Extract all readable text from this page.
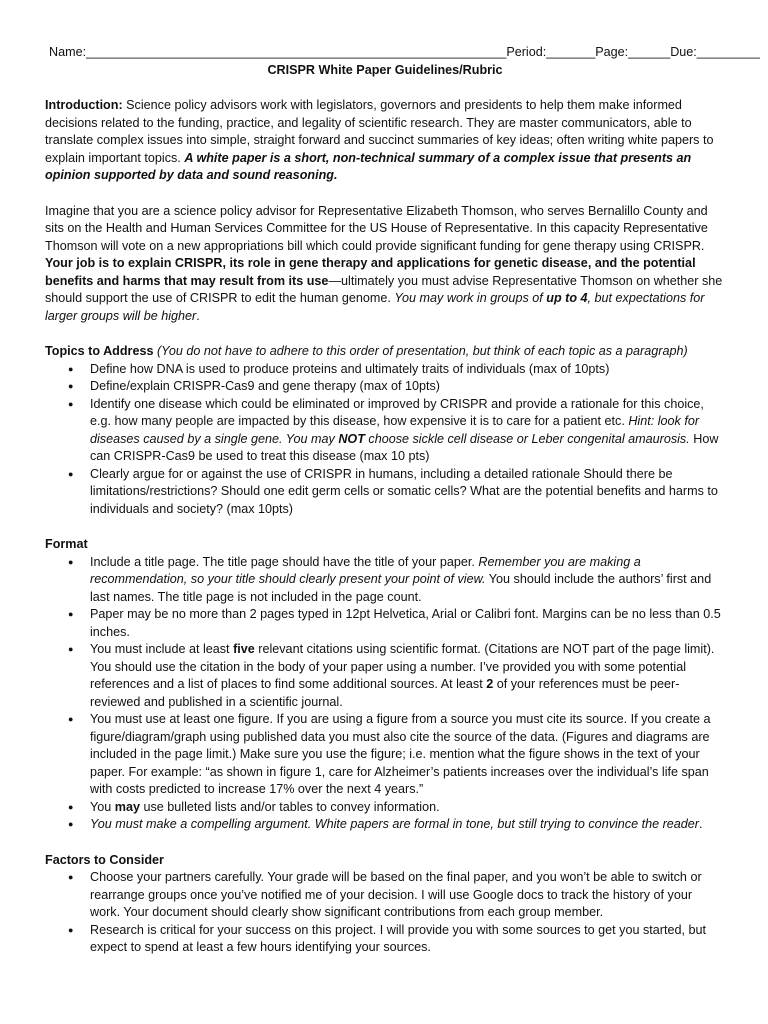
Name:____________________________________________________________Period:_______Page:______Due:_________
CRISPR White Paper Guidelines/Rubric

Introduction: Science policy advisors work with legislators, governors and presidents to help them make informed decisions related to the funding, practice, and legality of scientific research. They are master communicators, able to translate complex issues into simple, straight forward and succinct summaries of key ideas; often writing white papers to explain important topics. A white paper is a short, non-technical summary of a complex issue that presents an opinion supported by data and sound reasoning.

Imagine that you are a science policy advisor for Representative Elizabeth Thomson, who serves Bernalillo County and sits on the Health and Human Services Committee for the US House of Representative. In this capacity Representative Thomson will vote on a new appropriations bill which could provide significant funding for gene therapy using CRISPR. Your job is to explain CRISPR, its role in gene therapy and applications for genetic disease, and the potential benefits and harms that may result from its use—ultimately you must advise Representative Thomson on whether she should support the use of CRISPR to edit the human genome. You may work in groups of up to 4, but expectations for larger groups will be higher.

Topics to Address (You do not have to adhere to this order of presentation, but think of each topic as a paragraph)
● Define how DNA is used to produce proteins and ultimately traits of individuals (max of 10pts)
● Define/explain CRISPR-Cas9 and gene therapy (max of 10pts)
● Identify one disease which could be eliminated or improved by CRISPR and provide a rationale for this choice, e.g. how many people are impacted by this disease, how expensive it is to care for a patient etc. Hint: look for diseases caused by a single gene. You may NOT choose sickle cell disease or Leber congenital amaurosis. How can CRISPR-Cas9 be used to treat this disease (max 10 pts)
● Clearly argue for or against the use of CRISPR in humans, including a detailed rationale Should there be limitations/restrictions? Should one edit germ cells or somatic cells? What are the potential benefits and harms to individuals and society? (max 10pts)
Format
● Include a title page. The title page should have the title of your paper. Remember you are making a recommendation, so your title should clearly present your point of view. You should include the authors’ first and last names. The title page is not included in the page count.
● Paper may be no more than 2 pages typed in 12pt Helvetica, Arial or Calibri font. Margins can be no less than 0.5 inches.
● You must include at least five relevant citations using scientific format. (Citations are NOT part of the page limit). You should use the citation in the body of your paper using a number. I’ve provided you with some potential references and a list of places to find some additional sources. At least 2 of your references must be peer-reviewed and published in a scientific journal.
● You must use at least one figure. If you are using a figure from a source you must cite its source. If you create a figure/diagram/graph using published data you must also cite the source of the data. (Figures and diagrams are included in the page limit.) Make sure you use the figure; i.e. mention what the figure shows in the text of your paper. For example: “as shown in figure 1, care for Alzheimer’s patients increases over the individual’s life span with costs predicted to increase 17% over the next 4 years.”
● You may use bulleted lists and/or tables to convey information.
● You must make a compelling argument. White papers are formal in tone, but still trying to convince the reader.
Factors to Consider
● Choose your partners carefully. Your grade will be based on the final paper, and you won’t be able to switch or rearrange groups once you’ve notified me of your decision. I will use Google docs to track the history of your work. Your document should clearly show significant contributions from each group member.
● Research is critical for your success on this project. I will provide you with some sources to get you started, but expect to spend at least a few hours identifying your sources.
